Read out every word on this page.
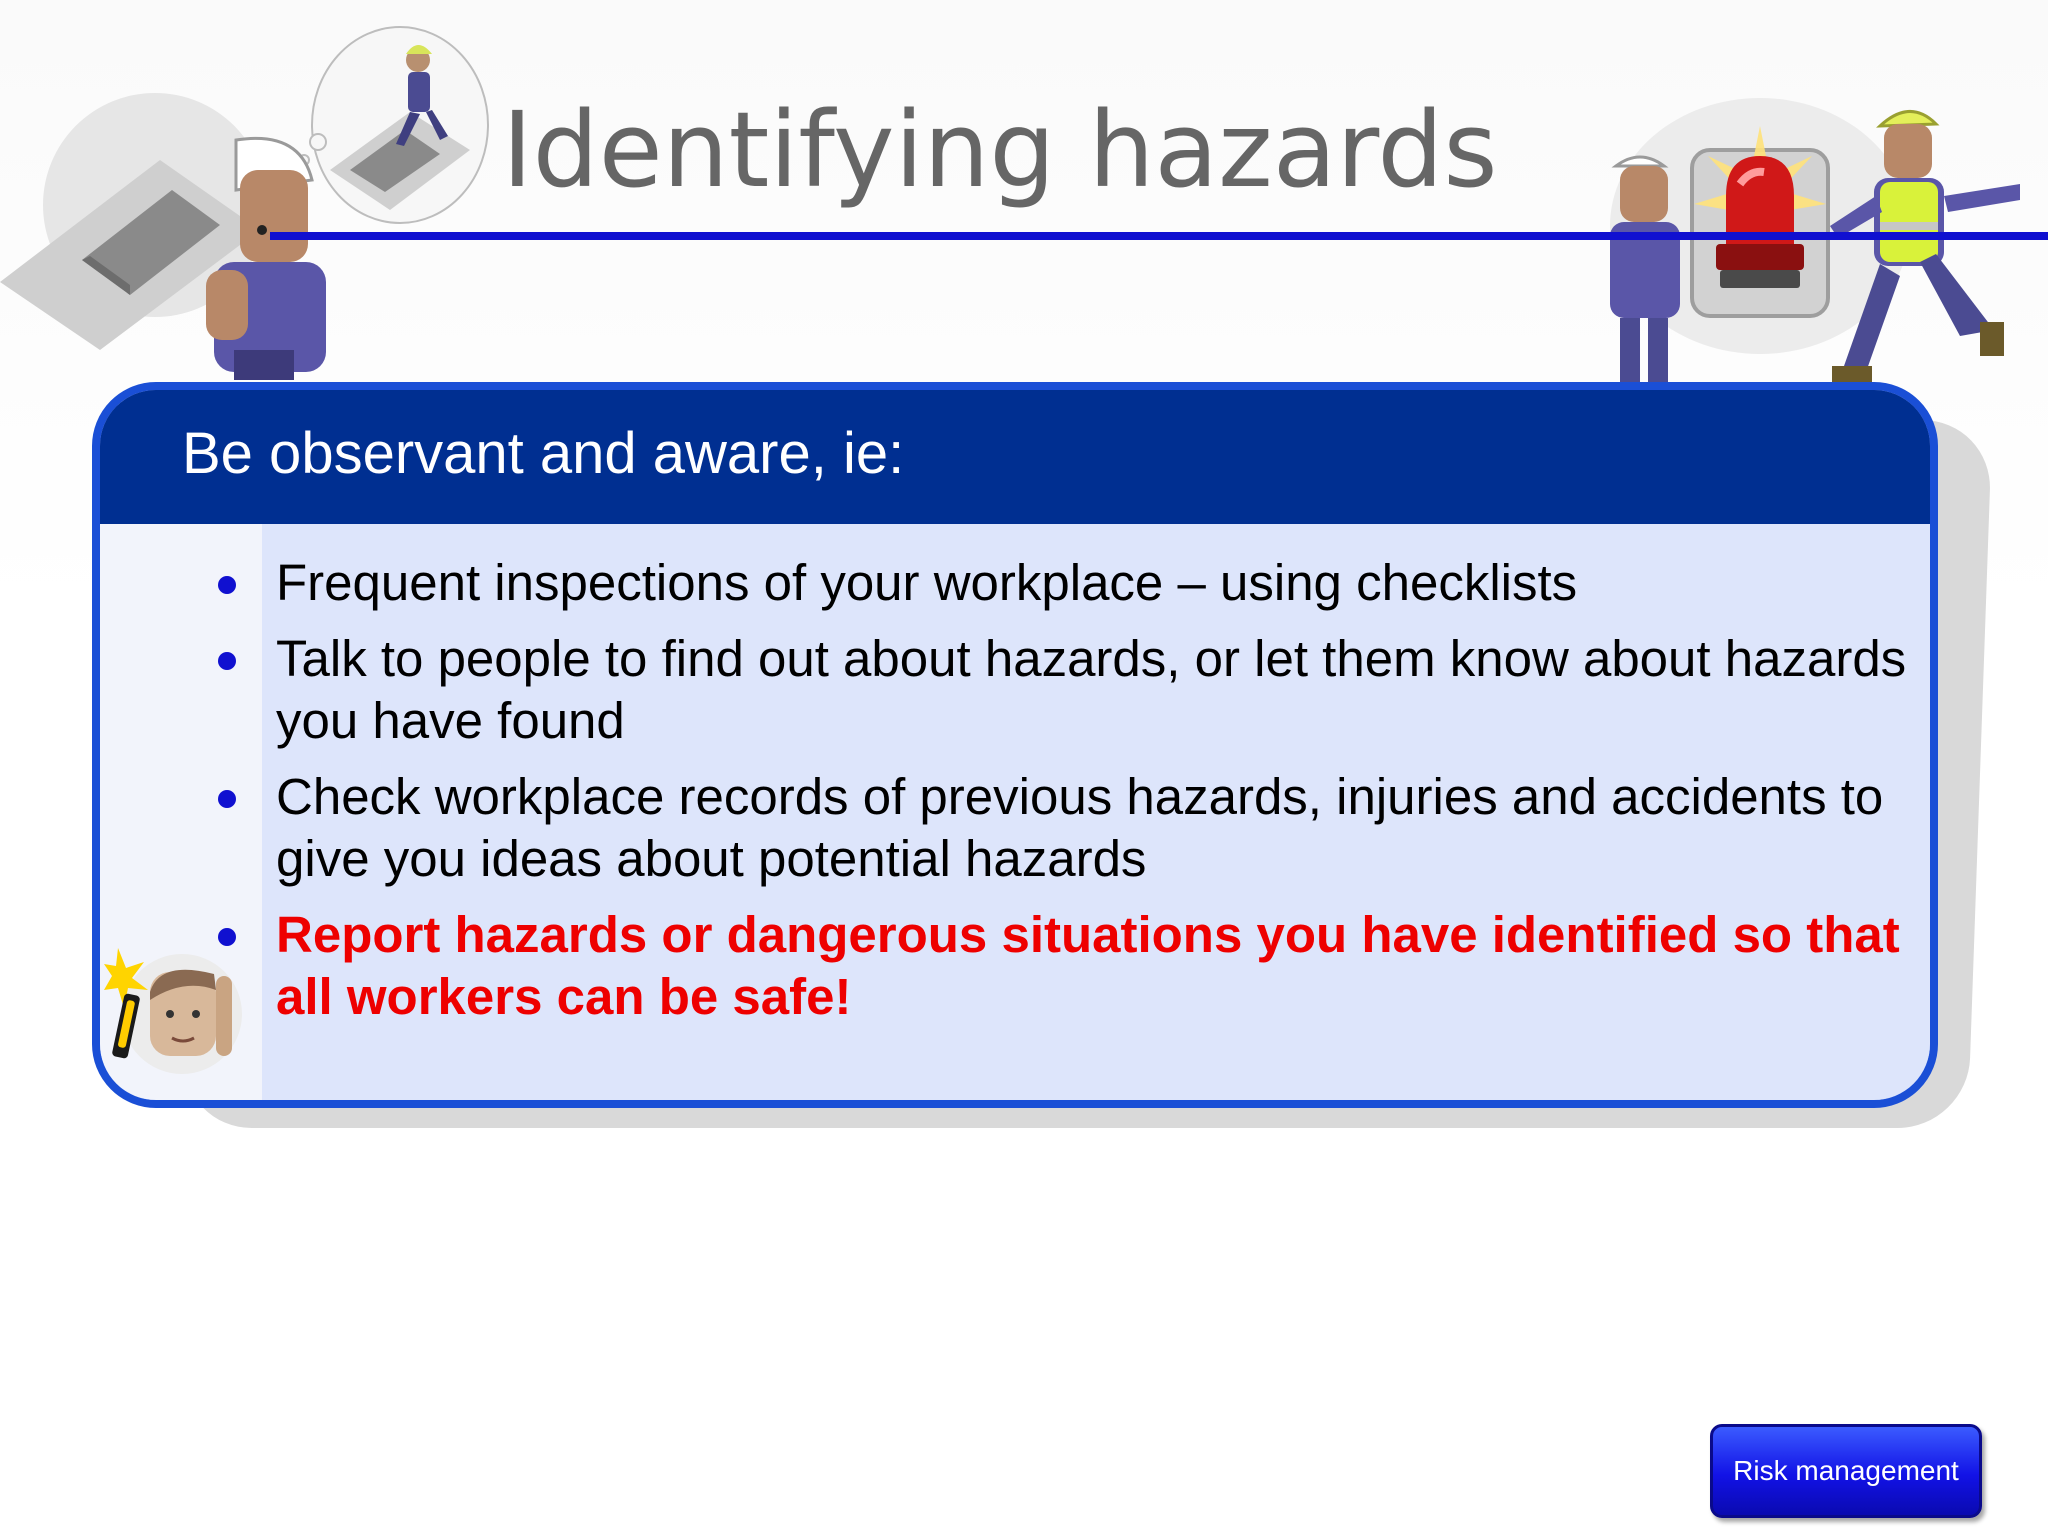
Identifying hazards
Be observant and aware, ie:
Frequent inspections of your workplace – using checklists
Talk to people to find out about hazards, or let them know about hazards you have found
Check workplace records of previous hazards, injuries and accidents to give you ideas about potential hazards
Report hazards or dangerous situations you have identified so that all workers can be safe!
Risk management
